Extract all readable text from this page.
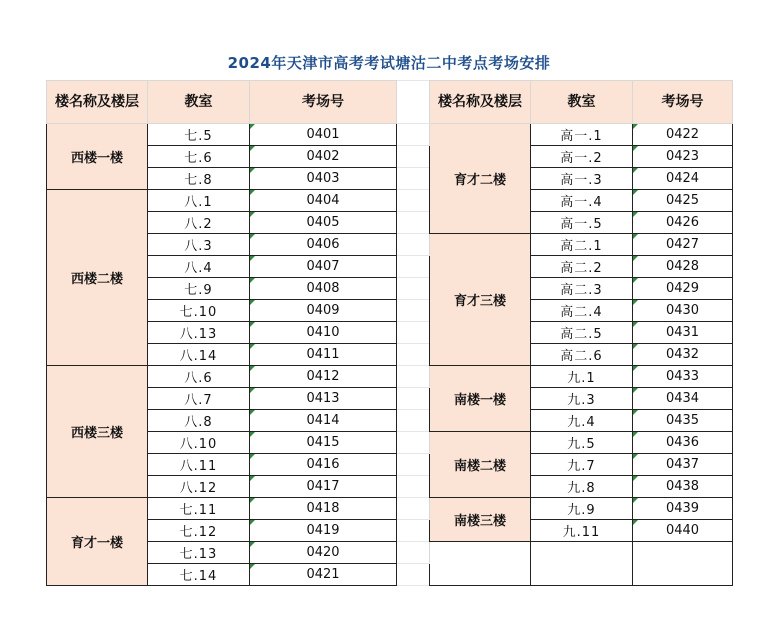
2024年天津市高考考试塘沽二中考点考场安排
楼名称及楼层	教室	考场号		楼名称及楼层	教室	考场号
西楼一楼	七.5	0401		育才二楼	高一.1	0422
	七.6	0402			高一.2	0423
	七.8	0403			高一.3	0424
西楼二楼	八.1	0404			高一.4	0425
	八.2	0405			高一.5	0426
	八.3	0406		育才三楼	高二.1	0427
	八.4	0407			高二.2	0428
	七.9	0408			高二.3	0429
	七.10	0409			高二.4	0430
	八.13	0410			高二.5	0431
	八.14	0411			高二.6	0432
西楼三楼	八.6	0412		南楼一楼	九.1	0433
	八.7	0413			九.3	0434
	八.8	0414			九.4	0435
	八.10	0415		南楼二楼	九.5	0436
	八.11	0416			九.7	0437
	八.12	0417			九.8	0438
育才一楼	七.11	0418		南楼三楼	九.9	0439
	七.12	0419			九.11	0440
	七.13	0420				
	七.14	0421				
